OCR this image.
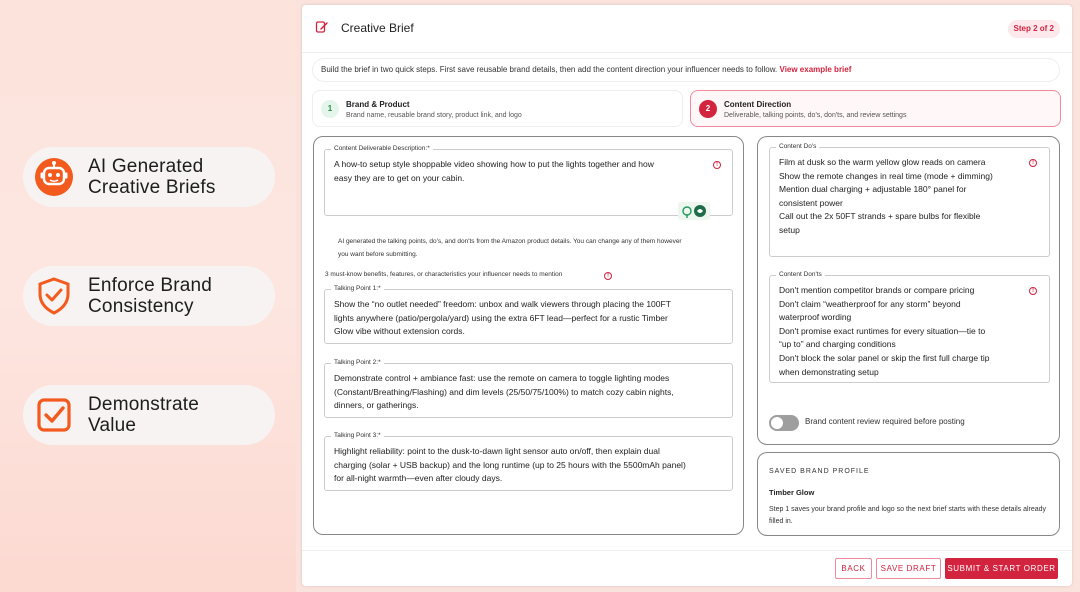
AI Generated
Creative Briefs
Enforce Brand
Consistency
Demonstrate
Value
Creative Brief	Step 2 of 2
Build the brief in two quick steps. First save reusable brand details, then add the content direction your influencer needs to follow. View example brief
1	Brand & Product
Brand name, reusable brand story, product link, and logo
2	Content Direction
Deliverable, talking points, do's, don'ts, and review settings
Content Deliverable Description:*
A how-to setup style shoppable video showing how to put the lights together and how
easy they are to get on your cabin.
!
AI generated the talking points, do's, and don'ts from the Amazon product details. You can change any of them however
you want before submitting.
3 must-know benefits, features, or characteristics your influencer needs to mention
!
Talking Point 1:*
Show the “no outlet needed” freedom: unbox and walk viewers through placing the 100FT
lights anywhere (patio/pergola/yard) using the extra 6FT lead—perfect for a rustic Timber
Glow vibe without extension cords.
Talking Point 2:*
Demonstrate control + ambiance fast: use the remote on camera to toggle lighting modes
(Constant/Breathing/Flashing) and dim levels (25/50/75/100%) to match cozy cabin nights,
dinners, or gatherings.
Talking Point 3:*
Highlight reliability: point to the dusk-to-dawn light sensor auto on/off, then explain dual
charging (solar + USB backup) and the long runtime (up to 25 hours with the 5500mAh panel)
for all-night warmth—even after cloudy days.
Content Do's
Film at dusk so the warm yellow glow reads on camera
Show the remote changes in real time (mode + dimming)
Mention dual charging + adjustable 180° panel for
consistent power
Call out the 2x 50FT strands + spare bulbs for flexible
setup
!
Content Don'ts
Don't mention competitor brands or compare pricing
Don't claim “weatherproof for any storm” beyond
waterproof wording
Don't promise exact runtimes for every situation—tie to
“up to” and charging conditions
Don't block the solar panel or skip the first full charge tip
when demonstrating setup
!
Brand content review required before posting
SAVED BRAND PROFILE
Timber Glow
Step 1 saves your brand profile and logo so the next brief starts with these details already filled in.
BACK	SAVE DRAFT	SUBMIT & START ORDER
